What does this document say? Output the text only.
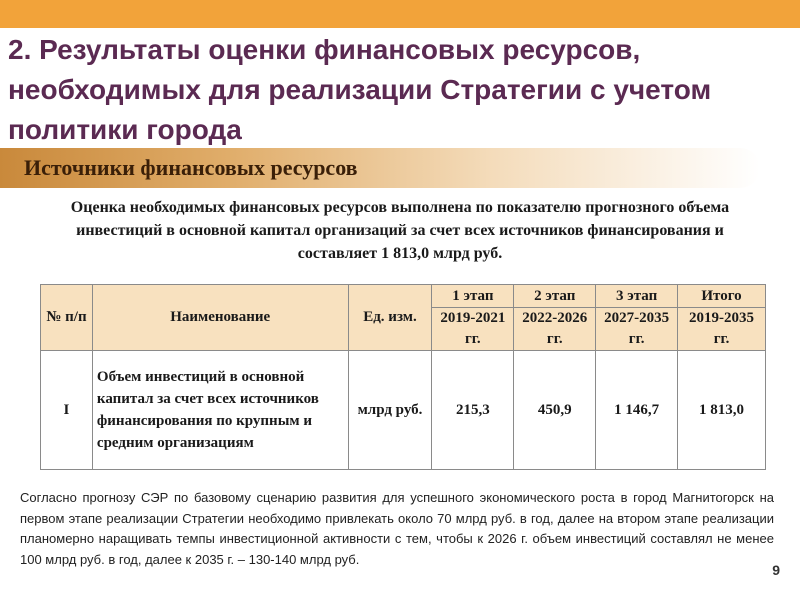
2. Результаты оценки финансовых ресурсов, необходимых для реализации Стратегии с учетом политики города
Источники финансовых ресурсов

Оценка необходимых финансовых ресурсов выполнена по показателю прогнозного объема инвестиций в основной капитал организаций за счет всех источников финансирования и составляет 1 813,0 млрд руб.

№ п/п	Наименование	Ед. изм.	1 этап	2 этап	3 этап	Итого
			2019-2021 гг.	2022-2026 гг.	2027-2035 гг.	2019-2035 гг.
I	Объем инвестиций в основной капитал за счет всех источников финансирования по крупным и средним организациям	млрд руб.	215,3	450,9	1 146,7	1 813,0

Согласно прогнозу СЭР по базовому сценарию развития для успешного экономического роста в город Магнитогорск на первом этапе реализации Стратегии необходимо привлекать около 70 млрд руб. в год, далее на втором этапе реализации планомерно наращивать темпы инвестиционной активности с тем, чтобы к 2026 г. объем инвестиций составлял не менее 100 млрд руб. в год, далее к 2035 г. – 130-140 млрд руб.

9
